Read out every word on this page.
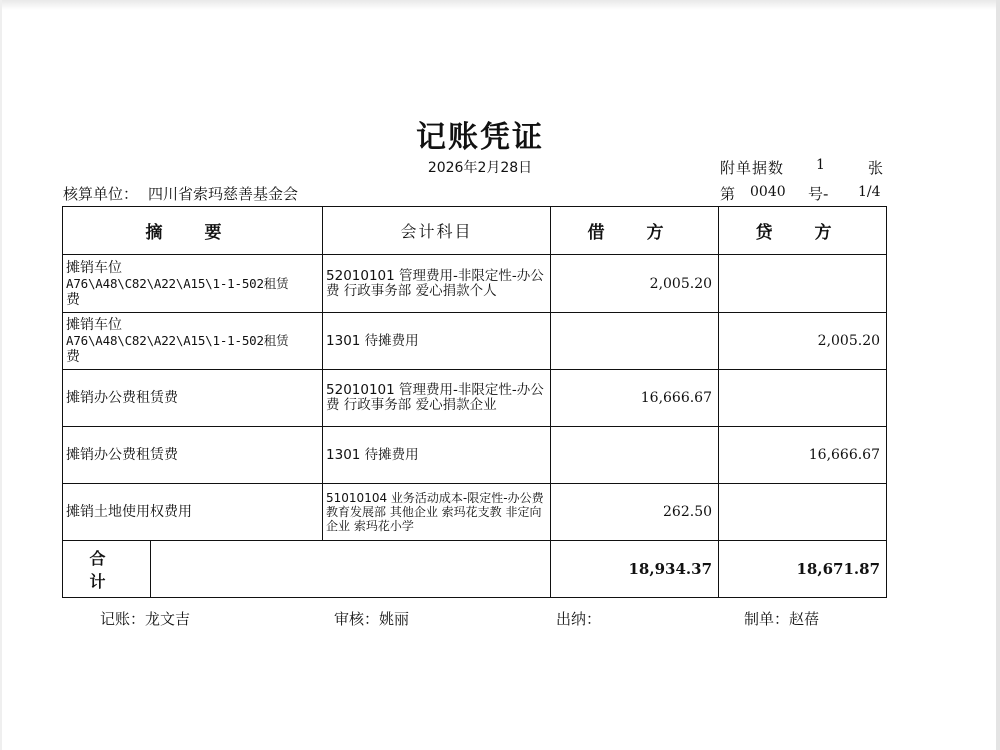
记账凭证
2026年2月28日	附单据数 1	张
核算单位： 四川省索玛慈善基金会	第 0040 号- 1/4
摘 要		会计科目	借 方	贷 方

摊销车位
A76\A48\C82\A22\A15\1-1-502租赁
费		52010101 管理费用-非限定性-办公费 行政事务部 爱心捐款个人	2,005.20	

摊销车位
A76\A48\C82\A22\A15\1-1-502租赁
费		1301 待摊费用		2,005.20
摊销办公费租赁费		52010101 管理费用-非限定性-办公费 行政事务部 爱心捐款企业	16,666.67	
摊销办公费租赁费		1301 待摊费用		16,666.67
摊销土地使用权费用		51010104 业务活动成本-限定性-办公费 教育发展部 其他企业 索玛花支教 非定向 企业 索玛花小学	262.50	
合 计			18,934.37	18,671.87
记账：龙文吉	审核：姚丽	出纳：	制单：赵蓓
